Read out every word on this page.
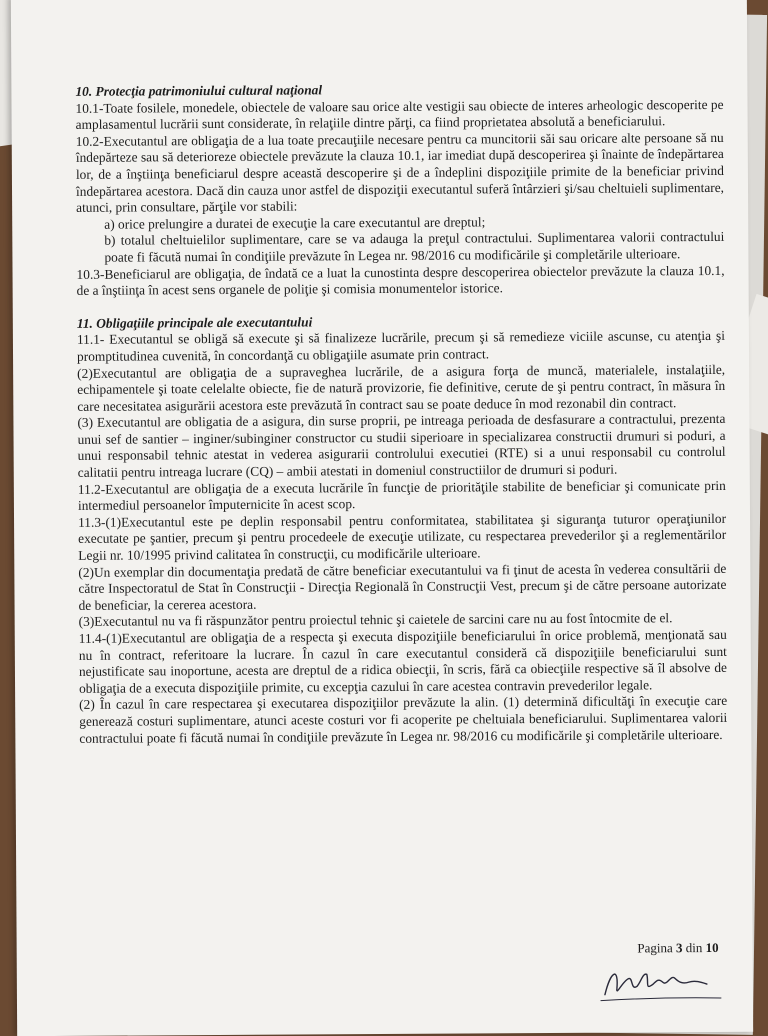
10. Protecţia patrimoniului cultural naţional

10.1-Toate fosilele, monedele, obiectele de valoare sau orice alte vestigii sau obiecte de interes arheologic descoperite pe amplasamentul lucrării sunt considerate, în relaţiile dintre părţi, ca fiind proprietatea absolută a beneficiarului.

10.2-Executantul are obligaţia de a lua toate precauţiile necesare pentru ca muncitorii săi sau oricare alte persoane să nu îndepărteze sau să deterioreze obiectele prevăzute la clauza 10.1, iar imediat după descoperirea şi înainte de îndepărtarea lor, de a înştiinţa beneficiarul despre această descoperire şi de a îndeplini dispoziţiile primite de la beneficiar privind îndepărtarea acestora. Dacă din cauza unor astfel de dispoziţii executantul suferă întârzieri şi/sau cheltuieli suplimentare, atunci, prin consultare, părţile vor stabili:

a) orice prelungire a duratei de execuţie la care executantul are dreptul;

b) totalul cheltuielilor suplimentare, care se va adauga la preţul contractului. Suplimentarea valorii contractului poate fi făcută numai în condiţiile prevăzute în Legea nr. 98/2016 cu modificările şi completările ulterioare.

10.3-Beneficiarul are obligaţia, de îndată ce a luat la cunostinta despre descoperirea obiectelor prevăzute la clauza 10.1, de a înştiinţa în acest sens organele de poliţie şi comisia monumentelor istorice.

11. Obligaţiile principale ale executantului

11.1- Executantul se obligă să execute şi să finalizeze lucrările, precum şi să remedieze viciile ascunse, cu atenţia şi promptitudinea cuvenită, în concordanţă cu obligaţiile asumate prin contract.

(2)Executantul are obligaţia de a supraveghea lucrările, de a asigura forţa de muncă, materialele, instalaţiile, echipamentele şi toate celelalte obiecte, fie de natură provizorie, fie definitive, cerute de şi pentru contract, în măsura în care necesitatea asigurării acestora este prevăzută în contract sau se poate deduce în mod rezonabil din contract.

(3) Executantul are obligatia de a asigura, din surse proprii, pe intreaga perioada de desfasurare a contractului, prezenta unui sef de santier – inginer/subinginer constructor cu studii siperioare in specializarea constructii drumuri si poduri, a unui responsabil tehnic atestat in vederea asigurarii controlului executiei (RTE) si a unui responsabil cu controlul calitatii pentru intreaga lucrare (CQ) – ambii atestati in domeniul constructiilor de drumuri si poduri.

11.2-Executantul are obligaţia de a executa lucrările în funcţie de priorităţile stabilite de beneficiar şi comunicate prin intermediul persoanelor împuternicite în acest scop.

11.3-(1)Executantul este pe deplin responsabil pentru conformitatea, stabilitatea şi siguranţa tuturor operaţiunilor executate pe şantier, precum şi pentru procedeele de execuţie utilizate, cu respectarea prevederilor şi a reglementărilor Legii nr. 10/1995 privind calitatea în construcţii, cu modificările ulterioare.

(2)Un exemplar din documentaţia predată de către beneficiar executantului va fi ţinut de acesta în vederea consultării de către Inspectoratul de Stat în Construcţii - Direcţia Regională în Construcţii Vest, precum şi de către persoane autorizate de beneficiar, la cererea acestora.

(3)Executantul nu va fi răspunzător pentru proiectul tehnic şi caietele de sarcini care nu au fost întocmite de el.

11.4-(1)Executantul are obligaţia de a respecta şi executa dispoziţiile beneficiarului în orice problemă, menţionată sau nu în contract, referitoare la lucrare. În cazul în care executantul consideră că dispoziţiile beneficiarului sunt nejustificate sau inoportune, acesta are dreptul de a ridica obiecţii, în scris, fără ca obiecţiile respective să îl absolve de obligaţia de a executa dispoziţiile primite, cu excepţia cazului în care acestea contravin prevederilor legale.

(2) În cazul în care respectarea şi executarea dispoziţiilor prevăzute la alin. (1) determină dificultăţi în execuţie care generează costuri suplimentare, atunci aceste costuri vor fi acoperite pe cheltuiala beneficiarului. Suplimentarea valorii contractului poate fi făcută numai în condiţiile prevăzute în Legea nr. 98/2016 cu modificările şi completările ulterioare.

Pagina 3 din 10
